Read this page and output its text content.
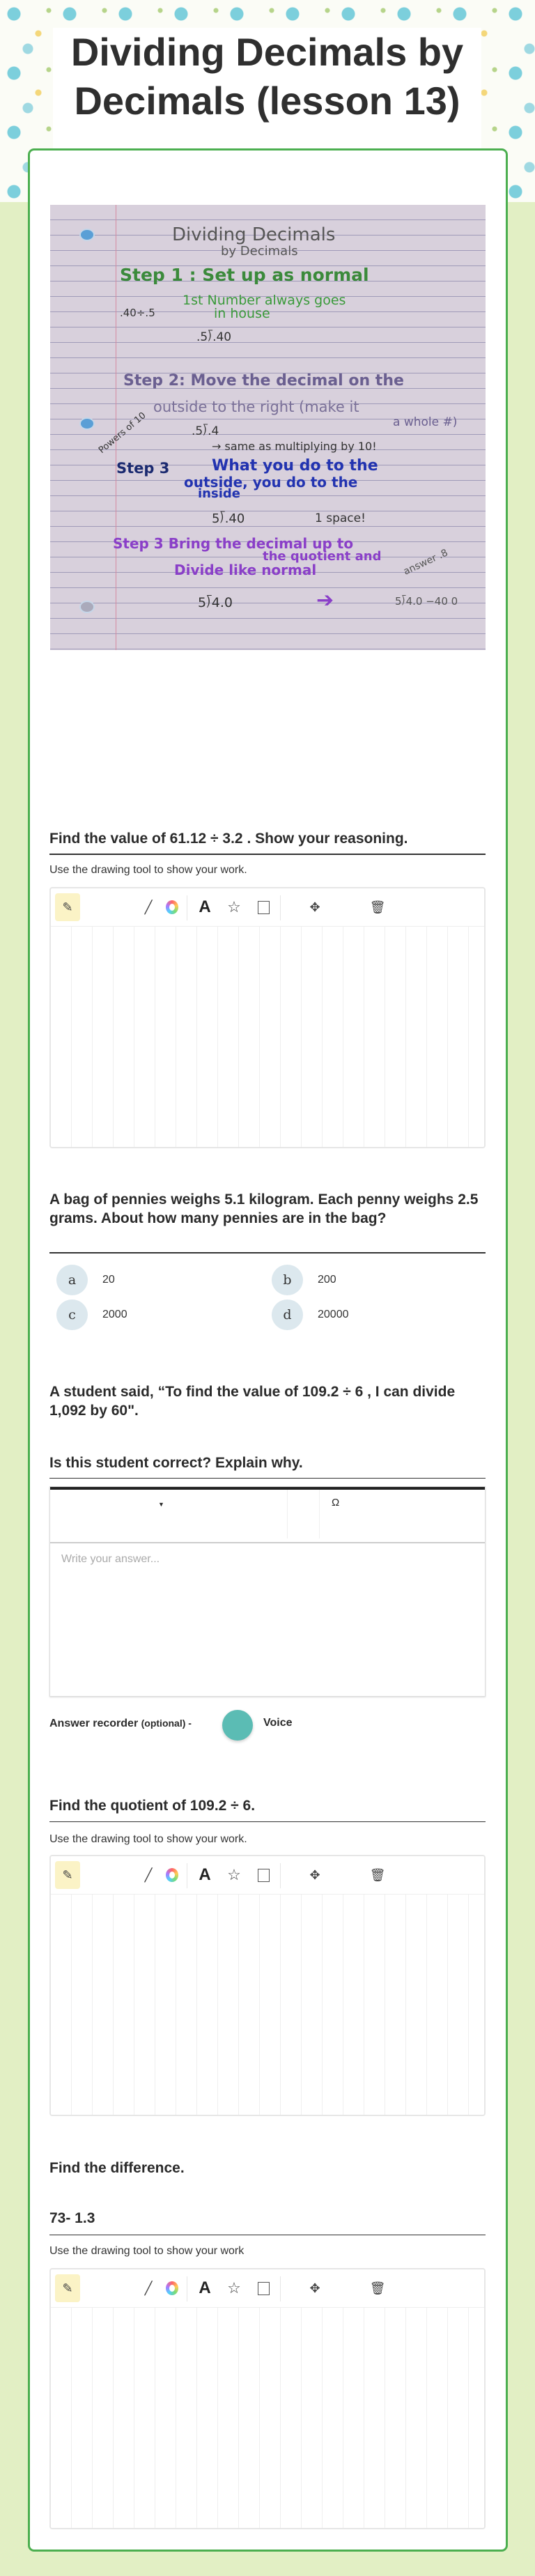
Dividing Decimals by Decimals (lesson 13)
Dividing Decimals
by Decimals
Step 1 : Set up as normal
1st Number always goes
.40÷.5	in house
.5⟌.40
Step 2: Move the decimal on the
outside to the right (make it
a whole #)
.5⟌.4
→ same as multiplying by 10!
Powers of 10
Step 3	What you do to the
outside, you do to the
inside
5⟌.40	1 space!
Step 3 Bring the decimal up to
the quotient and
Divide like normal
5⟌4.0	➔
answer .8
5⟌4.0 −40 0
Find the value of 61.12 ÷ 3.2 . Show your reasoning.
Use the drawing tool to show your work.
✎	╱	A	☆	✥	🗑
A bag of pennies weighs 5.1 kilogram. Each penny weighs 2.5 grams. About how many pennies are in the bag?
a	20	b	200
c	2000	d	20000
A student said, “To find the value of 109.2 ÷ 6 , I can divide 1,092 by 60".
Is this student correct? Explain why.
▼	Ω
Write your answer...
Answer recorder (optional) -	Voice
Find the quotient of 109.2 ÷ 6.
Use the drawing tool to show your work.
✎	╱	A	☆	✥	🗑
Find the difference.
73- 1.3
Use the drawing tool to show your work
✎	╱	A	☆	✥	🗑
